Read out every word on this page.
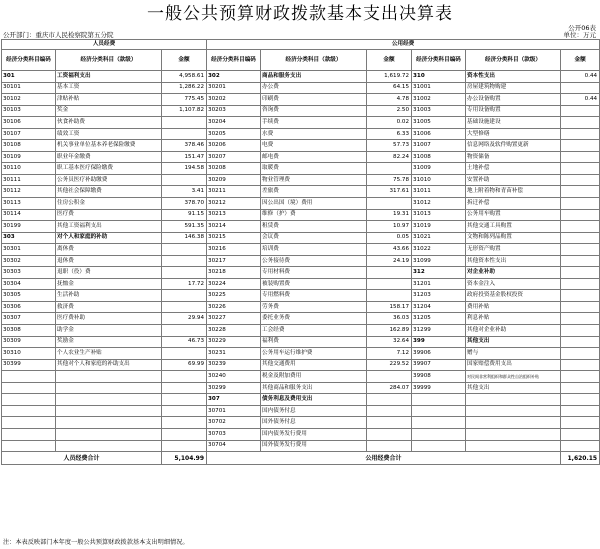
一般公共预算财政拨款基本支出决算表
公开06表
公开部门：重庆市人民检察院第五分院	单位：万元
人员经费			公用经费					
经济分类科目编码	经济分类科目（款级）	金额	经济分类科目编码	经济分类科目（款级）	金额	经济分类科目编码	经济分类科目（款级）	金额
301	工资福利支出	4,958.61	302	商品和服务支出	1,619.72	310	资本性支出	0.44
30101	基本工资	1,286.22	30201	办公费	64.15	31001	房屋建筑物购建	
30102	津贴补贴	775.45	30202	印刷费	4.78	31002	办公设备购置	0.44
30103	奖金	1,107.82	30203	咨询费	2.50	31003	专用设备购置	
30106	伙食补助费		30204	手续费	0.02	31005	基础设施建设	
30107	绩效工资		30205	水费	6.33	31006	大型修缮	
30108	机关事业单位基本养老保险缴费	378.46	30206	电费	57.73	31007	信息网络及软件购置更新	
30109	职业年金缴费	151.47	30207	邮电费	82.24	31008	物资储备	
30110	职工基本医疗保险缴费	194.58	30208	取暖费		31009	土地补偿	
30111	公务员医疗补助缴费		30209	物业管理费	75.78	31010	安置补助	
30112	其他社会保障缴费	3.41	30211	差旅费	317.61	31011	地上附着物和青苗补偿	
30113	住房公积金	378.70	30212	因公出国（境）费用		31012	拆迁补偿	
30114	医疗费	91.15	30213	维修（护）费	19.31	31013	公务用车购置	
30199	其他工资福利支出	591.35	30214	租赁费	10.97	31019	其他交通工具购置	
303	对个人和家庭的补助	146.38	30215	会议费	0.05	31021	文物和陈列品购置	
30301	离休费		30216	培训费	43.66	31022	无形资产购置	
30302	退休费		30217	公务接待费	24.19	31099	其他资本性支出	
30303	退职（役）费		30218	专用材料费		312	对企业补助	
30304	抚恤金	17.72	30224	被装购置费		31201	资本金注入	
30305	生活补助		30225	专用燃料费		31203	政府投资基金股权投资	
30306	救济费		30226	劳务费	158.17	31204	费用补贴	
30307	医疗费补助	29.94	30227	委托业务费	36.03	31205	利息补贴	
30308	助学金		30228	工会经费	162.89	31299	其他对企业补助	
30309	奖励金	46.73	30229	福利费	32.64	399	其他支出	
30310	个人农业生产补贴		30231	公务用车运行维护费	7.12	39906	赠与	
30399	其他对个人和家庭的补助支出	69.99	30239	其他交通费用	229.52	39907	国家赔偿费用支出	
			30240	税金及附加费用		39908	对民间非营利组织和群众性自治组织补贴	
			30299	其他商品和服务支出	284.07	39999	其他支出	
			307	债务利息及费用支出				
			30701	国内债务付息				
			30702	国外债务付息				
			30703	国内债务发行费用				
			30704	国外债务发行费用				
人员经费合计		5,104.99	公用经费合计					1,620.15
注：本表反映部门本年度一般公共预算财政拨款基本支出明细情况。
